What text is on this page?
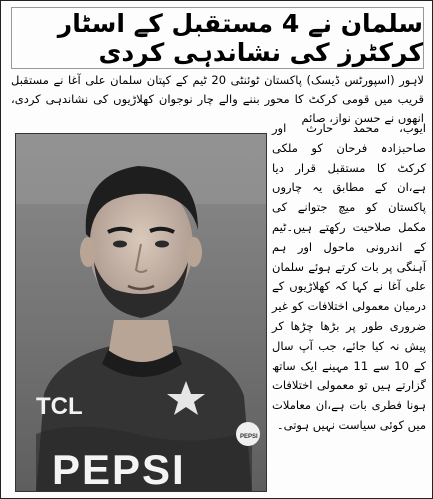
سلمان نے 4 مستقبل کے اسٹار کرکٹرز کی نشاندہی کردی
لاہور (اسپورٹس ڈیسک) پاکستان ٹوئنٹی 20 ٹیم کے کپتان سلمان علی آغا نے مستقبل قریب میں قومی کرکٹ کا محور بننے والے چار نوجوان کھلاڑیوں کی نشاندہی کردی، انھوں نے حسن نواز، صائم

ایوب، محمد حارث اور صاحبزادہ فرحان کو ملکی کرکٹ کا مستقبل قرار دیا ہے،ان کے مطابق یہ چاروں پاکستان کو میچ جتوانے کی مکمل صلاحیت رکھتے ہیں۔ٹیم کے اندرونی ماحول اور ہم آہنگی پر بات کرتے ہوئے سلمان علی آغا نے کہا کہ کھلاڑیوں کے درمیان معمولی اختلافات کو غیر ضروری طور پر بڑھا چڑھا کر پیش نہ کیا جائے، جب آپ سال کے 10 سے 11 مہینے ایک ساتھ گزارتے ہیں تو معمولی اختلافات ہونا فطری بات ہے،ان معاملات میں کوئی سیاست نہیں ہوتی۔

TCL
PEPSI
PEPSI
